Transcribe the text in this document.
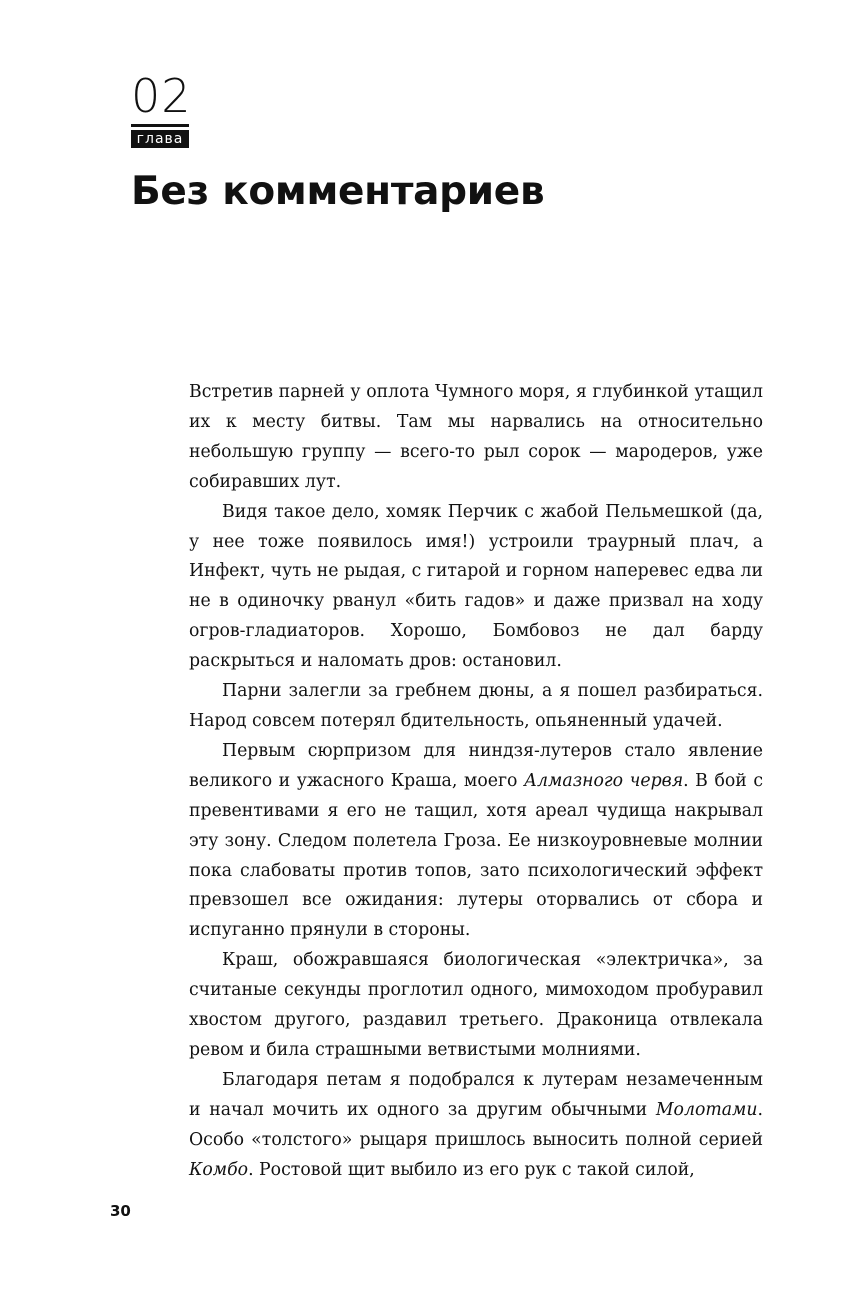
02
глава
Без комментариев

Встретив парней у оплота Чумного моря, я глубинкой утащил их к месту битвы. Там мы нарвались на относительно небольшую группу — всего-то рыл сорок — мародеров, уже собиравших лут.

Видя такое дело, хомяк Перчик с жабой Пельмешкой (да, у нее тоже появилось имя!) устроили траурный плач, а Инфект, чуть не рыдая, с гитарой и горном наперевес едва ли не в одиночку рванул «бить гадов» и даже призвал на ходу огров-гладиаторов. Хорошо, Бомбовоз не дал барду раскрыться и наломать дров: остановил.

Парни залегли за гребнем дюны, а я пошел разбираться. Народ совсем потерял бдительность, опьяненный удачей.

Первым сюрпризом для ниндзя-лутеров стало явление великого и ужасного Краша, моего Алмазного червя. В бой с превентивами я его не тащил, хотя ареал чудища накрывал эту зону. Следом полетела Гроза. Ее низкоуровневые молнии пока слабоваты против топов, зато психологический эффект превзошел все ожидания: лутеры оторвались от сбора и испуганно прянули в стороны.

Краш, обожравшаяся биологическая «электричка», за считаные секунды проглотил одного, мимоходом пробуравил хвостом другого, раздавил третьего. Драконица отвлекала ревом и била страшными ветвистыми молниями.

Благодаря петам я подобрался к лутерам незамеченным и начал мочить их одного за другим обычными Молотами. Особо «толстого» рыцаря пришлось выносить полной серией Комбо. Ростовой щит выбило из его рук с такой силой,

30
